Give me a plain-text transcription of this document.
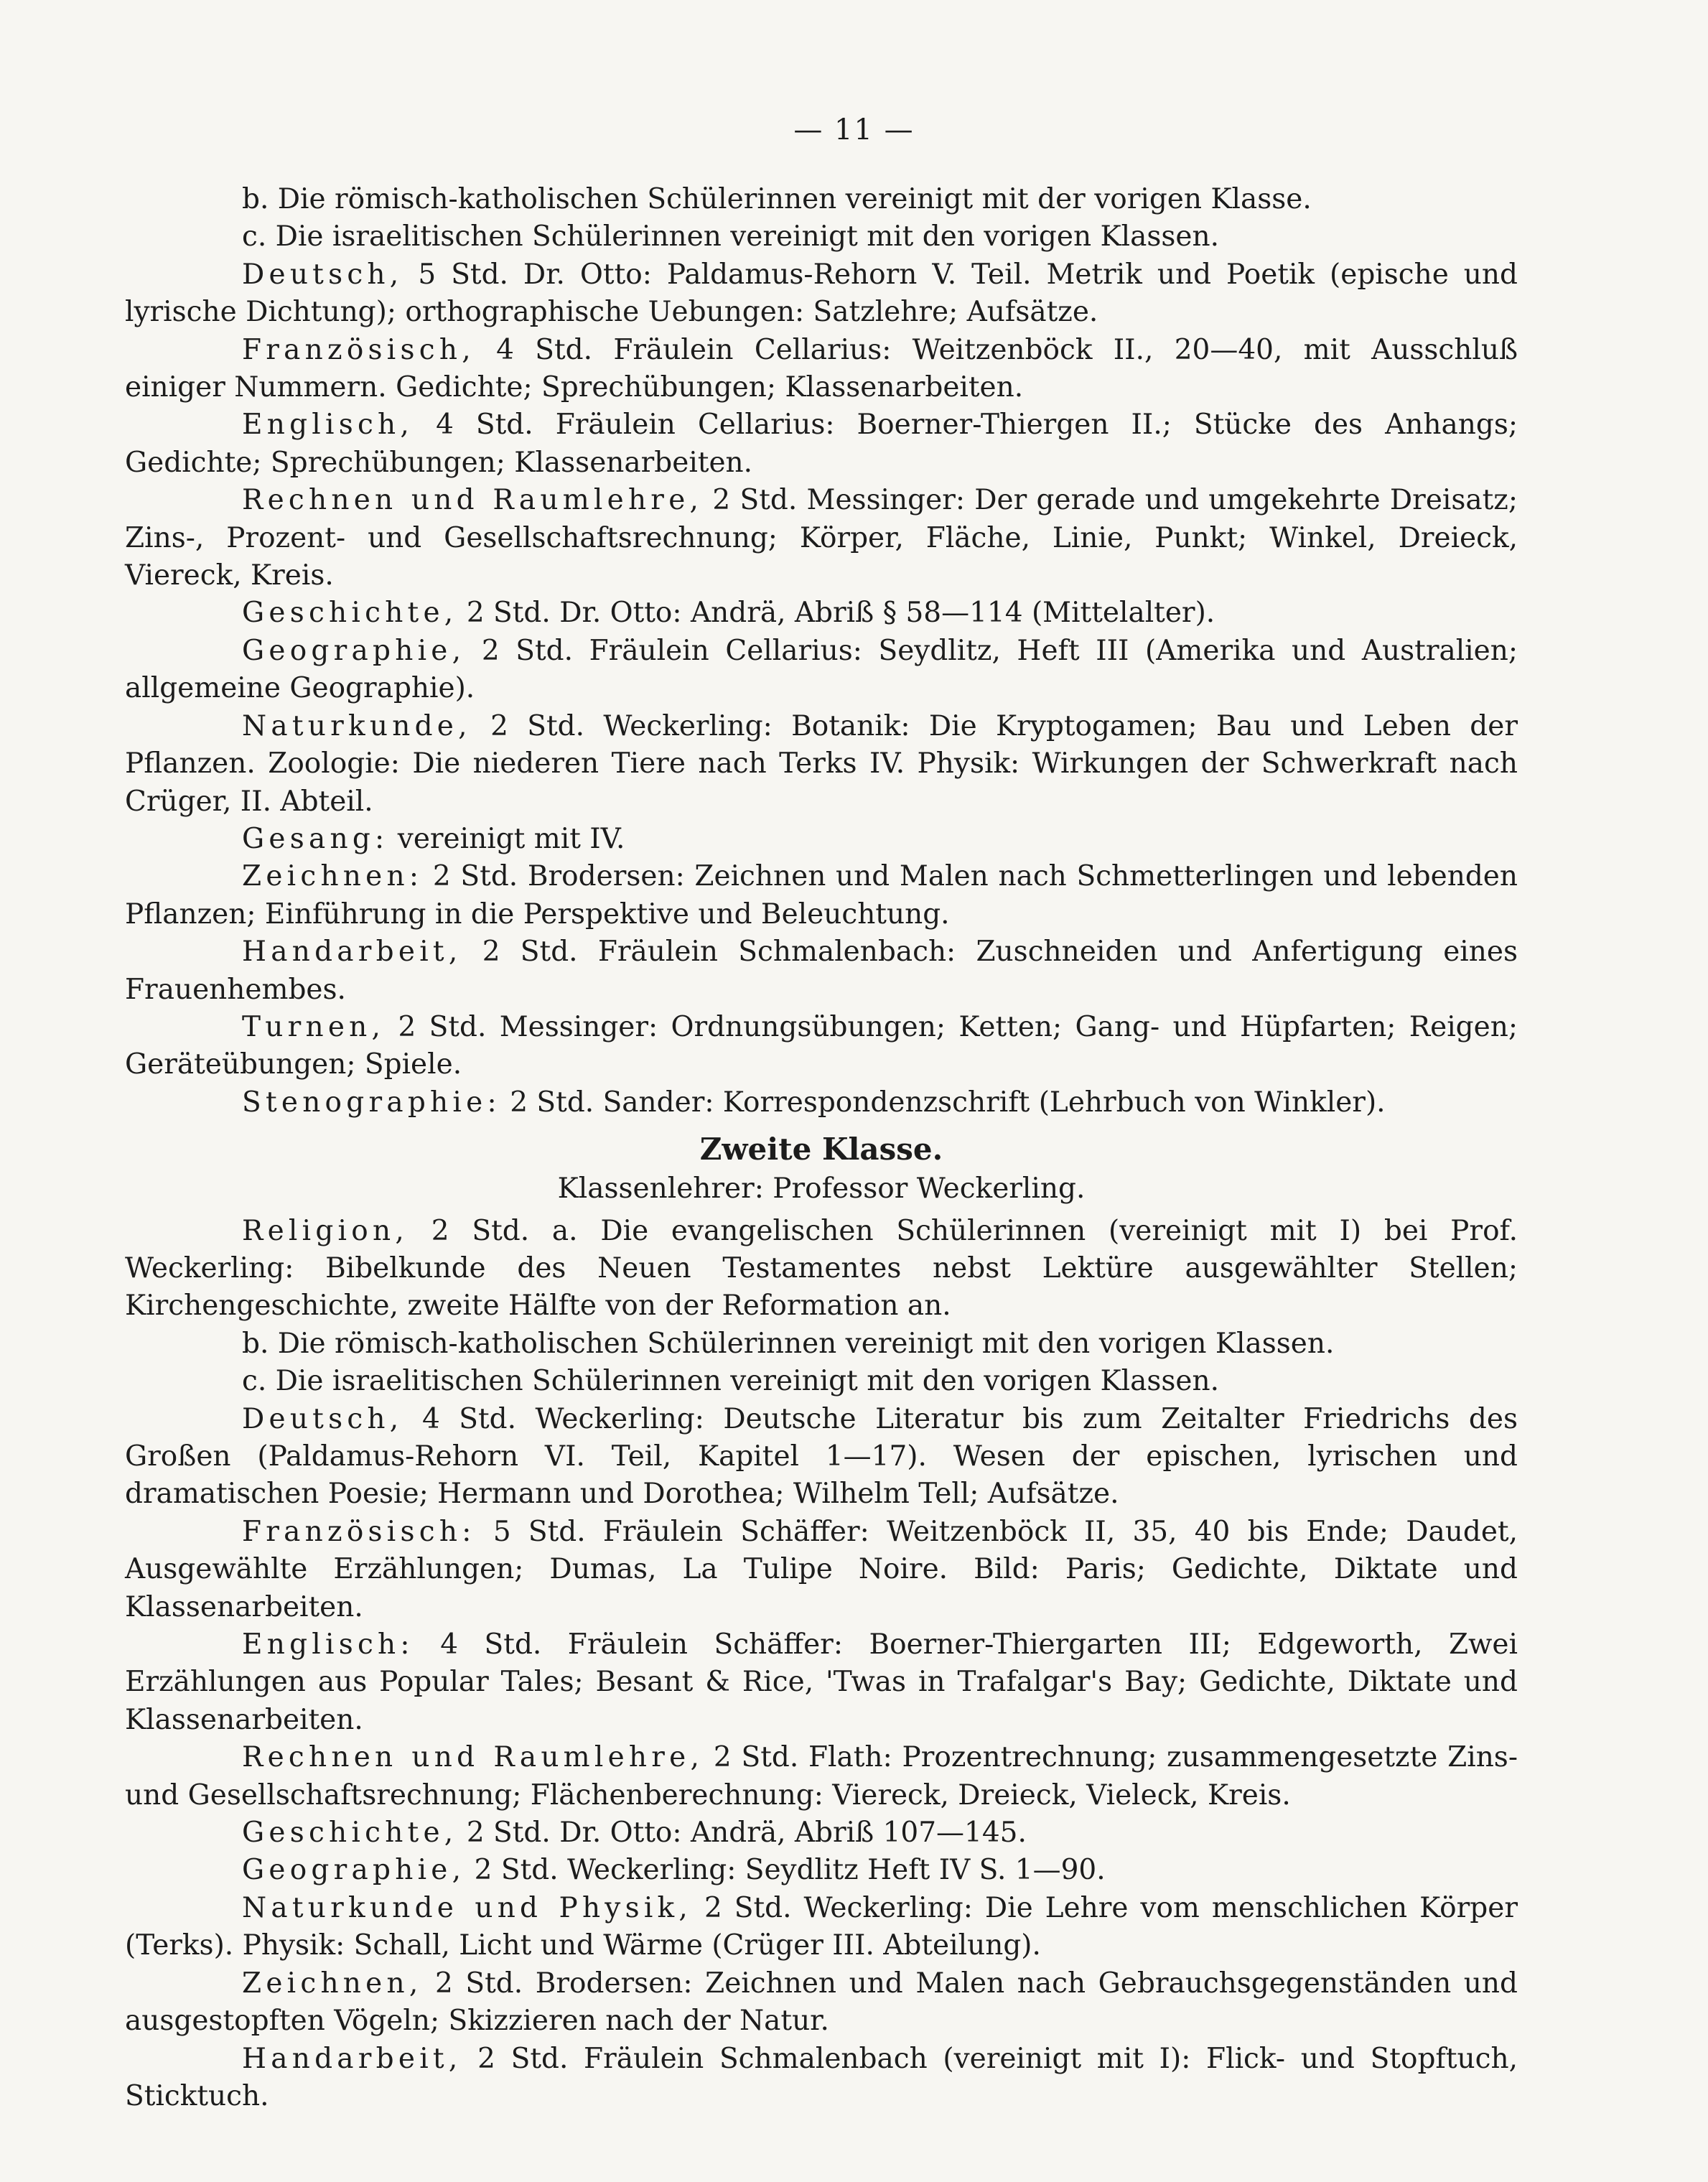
— 11 —

b. Die römisch-katholischen Schülerinnen vereinigt mit der vorigen Klasse.

c. Die israelitischen Schülerinnen vereinigt mit den vorigen Klassen.

Deutsch, 5 Std. Dr. Otto: Paldamus-Rehorn V. Teil. Metrik und Poetik (epische und lyrische Dichtung); orthographische Uebungen: Satzlehre; Aufsätze.

Französisch, 4 Std. Fräulein Cellarius: Weitzenböck II., 20—40, mit Ausschluß einiger Nummern. Gedichte; Sprechübungen; Klassenarbeiten.

Englisch, 4 Std. Fräulein Cellarius: Boerner-Thiergen II.; Stücke des Anhangs; Gedichte; Sprechübungen; Klassenarbeiten.

Rechnen und Raumlehre, 2 Std. Messinger: Der gerade und umgekehrte Dreisatz; Zins-, Prozent- und Gesellschaftsrechnung; Körper, Fläche, Linie, Punkt; Winkel, Dreieck, Viereck, Kreis.

Geschichte, 2 Std. Dr. Otto: Andrä, Abriß § 58—114 (Mittelalter).

Geographie, 2 Std. Fräulein Cellarius: Seydlitz, Heft III (Amerika und Australien; allgemeine Geographie).

Naturkunde, 2 Std. Weckerling: Botanik: Die Kryptogamen; Bau und Leben der Pflanzen. Zoologie: Die niederen Tiere nach Terks IV. Physik: Wirkungen der Schwerkraft nach Crüger, II. Abteil.

Gesang: vereinigt mit IV.

Zeichnen: 2 Std. Brodersen: Zeichnen und Malen nach Schmetterlingen und lebenden Pflanzen; Einführung in die Perspektive und Beleuchtung.

Handarbeit, 2 Std. Fräulein Schmalenbach: Zuschneiden und Anfertigung eines Frauenhembes.

Turnen, 2 Std. Messinger: Ordnungsübungen; Ketten; Gang- und Hüpfarten; Reigen; Geräteübungen; Spiele.

Stenographie: 2 Std. Sander: Korrespondenzschrift (Lehrbuch von Winkler).

Zweite Klasse.

Klassenlehrer: Professor Weckerling.

Religion, 2 Std. a. Die evangelischen Schülerinnen (vereinigt mit I) bei Prof. Weckerling: Bibelkunde des Neuen Testamentes nebst Lektüre ausgewählter Stellen; Kirchengeschichte, zweite Hälfte von der Reformation an.

b. Die römisch-katholischen Schülerinnen vereinigt mit den vorigen Klassen.

c. Die israelitischen Schülerinnen vereinigt mit den vorigen Klassen.

Deutsch, 4 Std. Weckerling: Deutsche Literatur bis zum Zeitalter Friedrichs des Großen (Paldamus-Rehorn VI. Teil, Kapitel 1—17). Wesen der epischen, lyrischen und dramatischen Poesie; Hermann und Dorothea; Wilhelm Tell; Aufsätze.

Französisch: 5 Std. Fräulein Schäffer: Weitzenböck II, 35, 40 bis Ende; Daudet, Ausgewählte Erzählungen; Dumas, La Tulipe Noire. Bild: Paris; Gedichte, Diktate und Klassenarbeiten.

Englisch: 4 Std. Fräulein Schäffer: Boerner-Thiergarten III; Edgeworth, Zwei Erzählungen aus Popular Tales; Besant & Rice, 'Twas in Trafalgar's Bay; Gedichte, Diktate und Klassenarbeiten.

Rechnen und Raumlehre, 2 Std. Flath: Prozentrechnung; zusammengesetzte Zins- und Gesellschaftsrechnung; Flächenberechnung: Viereck, Dreieck, Vieleck, Kreis.

Geschichte, 2 Std. Dr. Otto: Andrä, Abriß 107—145.

Geographie, 2 Std. Weckerling: Seydlitz Heft IV S. 1—90.

Naturkunde und Physik, 2 Std. Weckerling: Die Lehre vom menschlichen Körper (Terks). Physik: Schall, Licht und Wärme (Crüger III. Abteilung).

Zeichnen, 2 Std. Brodersen: Zeichnen und Malen nach Gebrauchsgegenständen und ausgestopften Vögeln; Skizzieren nach der Natur.

Handarbeit, 2 Std. Fräulein Schmalenbach (vereinigt mit I): Flick- und Stopftuch, Sticktuch.
